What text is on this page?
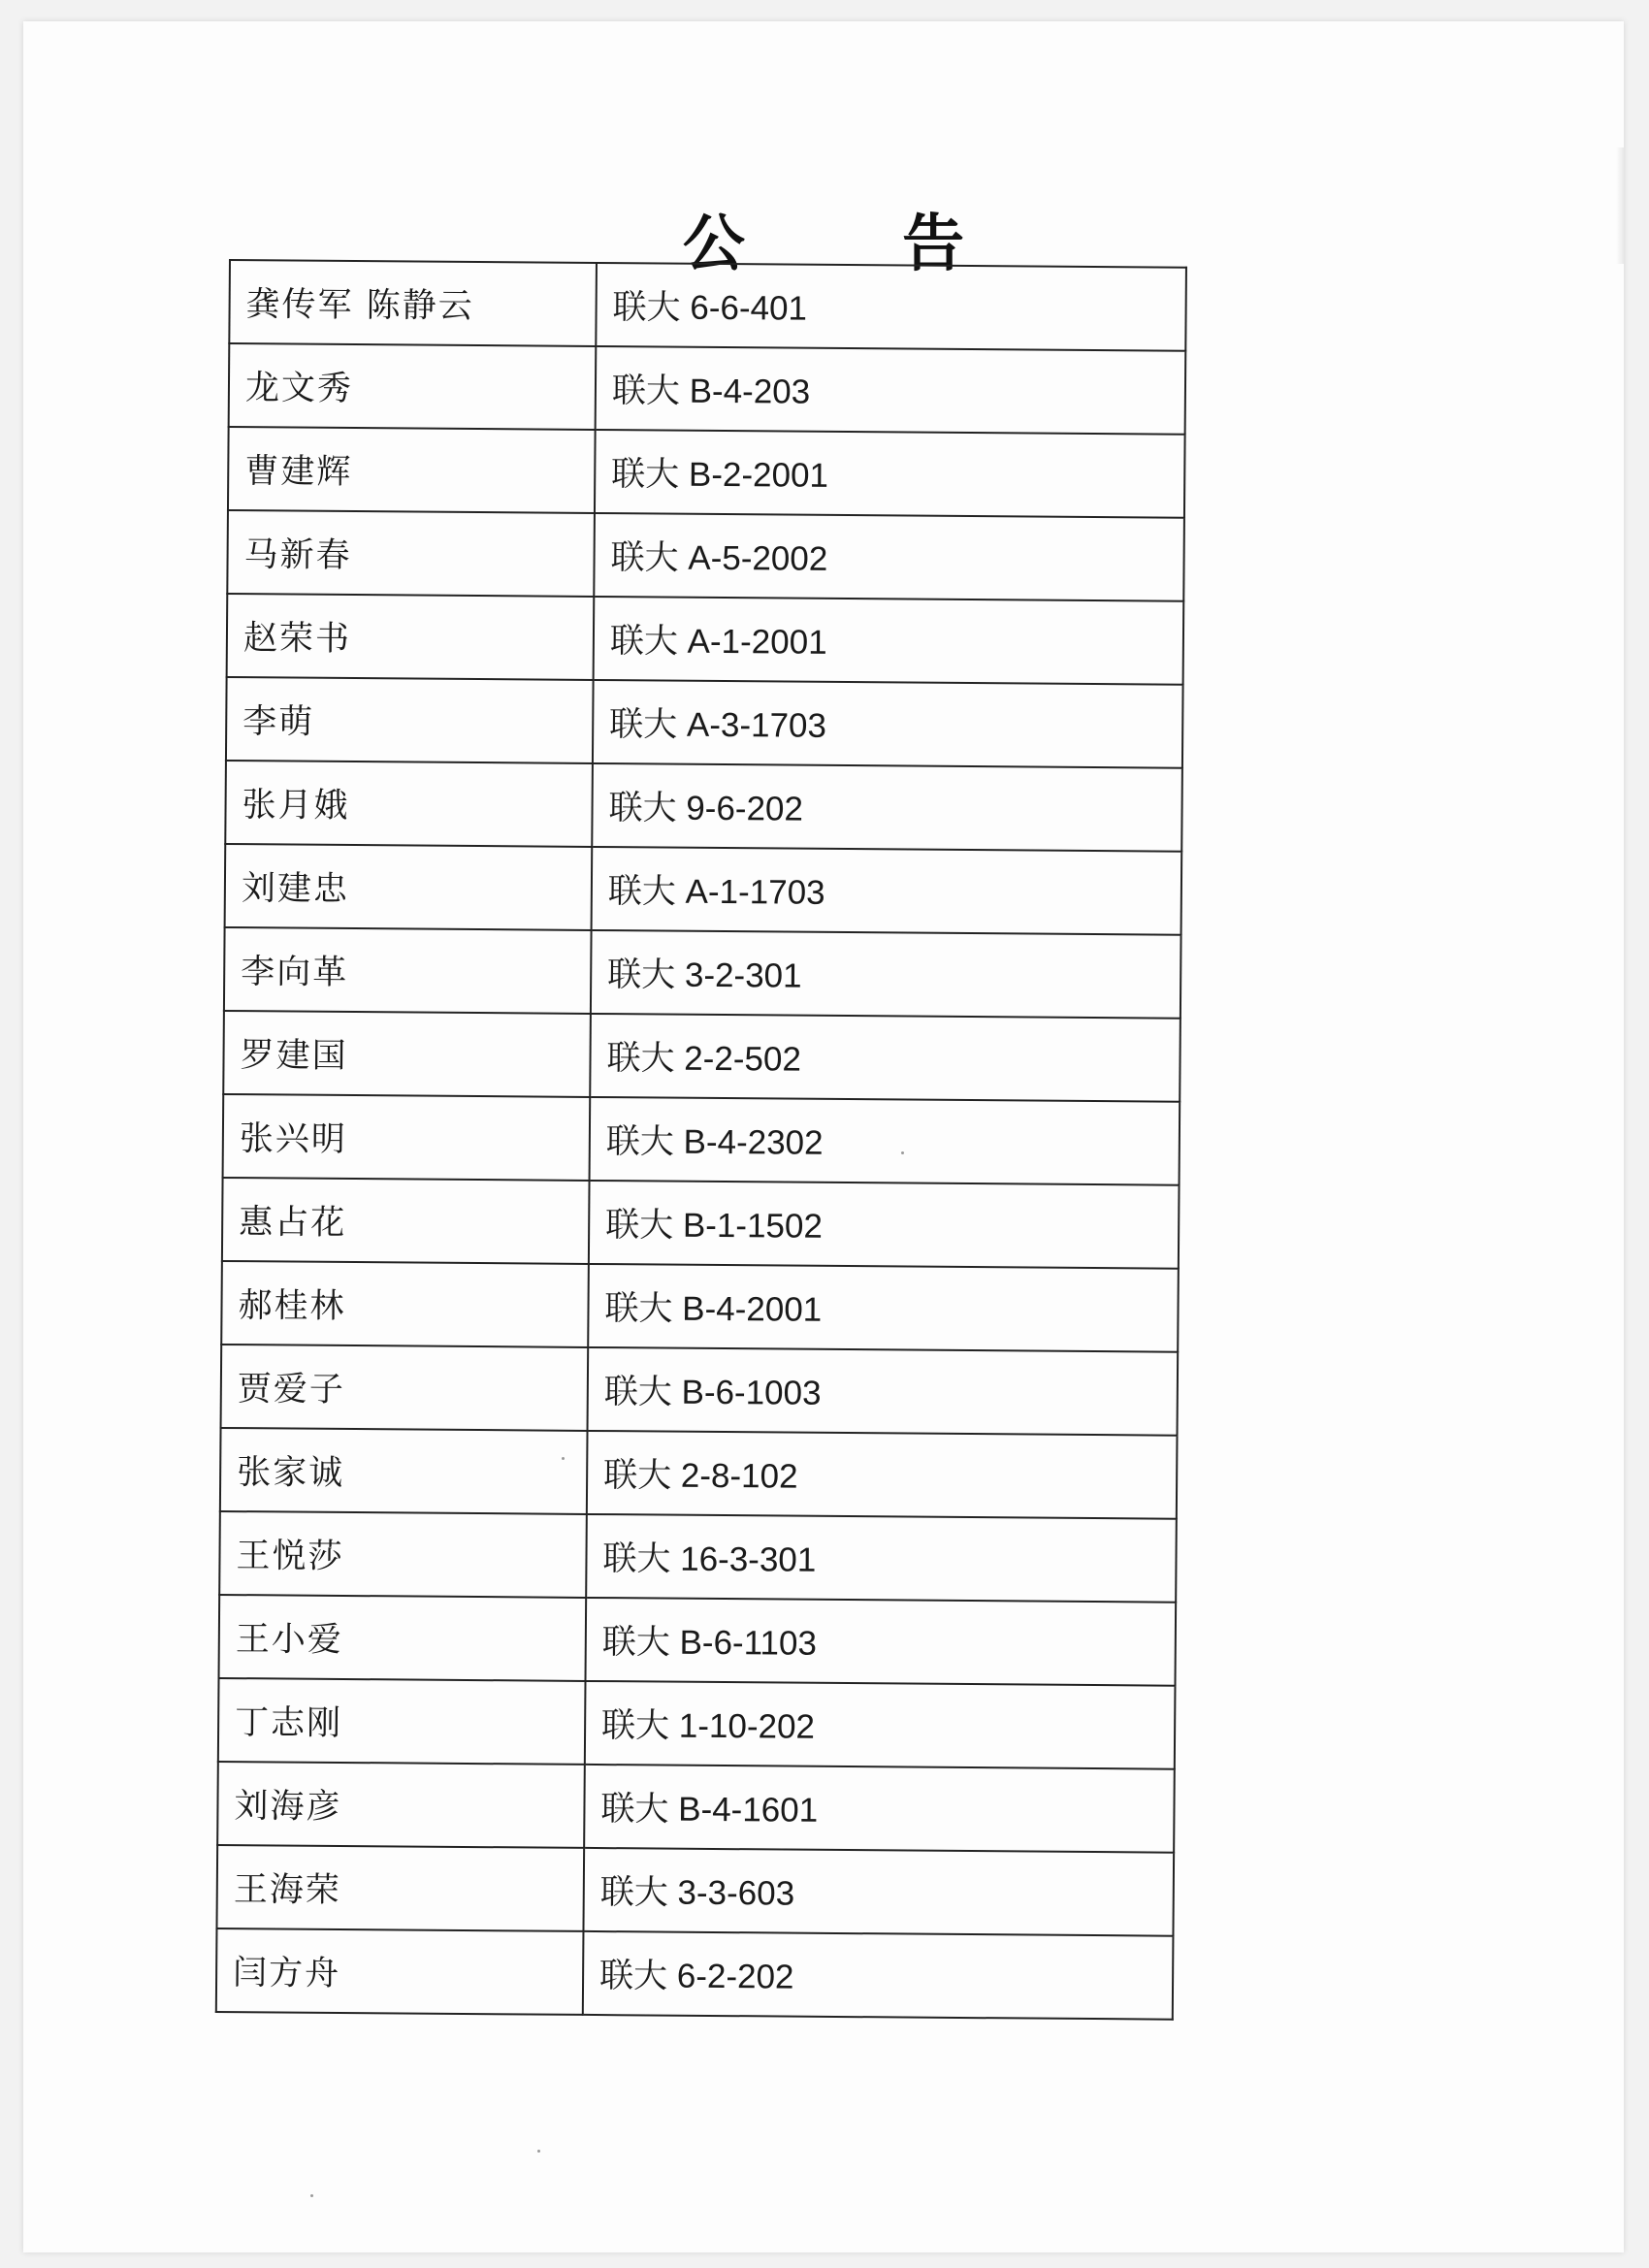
公 告
龚传军 陈静云	联大 6-6-401
龙文秀	联大 B-4-203
曹建辉	联大 B-2-2001
马新春	联大 A-5-2002
赵荣书	联大 A-1-2001
李萌	联大 A-3-1703
张月娥	联大 9-6-202
刘建忠	联大 A-1-1703
李向革	联大 3-2-301
罗建国	联大 2-2-502
张兴明	联大 B-4-2302
惠占花	联大 B-1-1502
郝桂林	联大 B-4-2001
贾爱子	联大 B-6-1003
张家诚	联大 2-8-102
王悦莎	联大 16-3-301
王小爱	联大 B-6-1103
丁志刚	联大 1-10-202
刘海彦	联大 B-4-1601
王海荣	联大 3-3-603
闫方舟	联大 6-2-202
